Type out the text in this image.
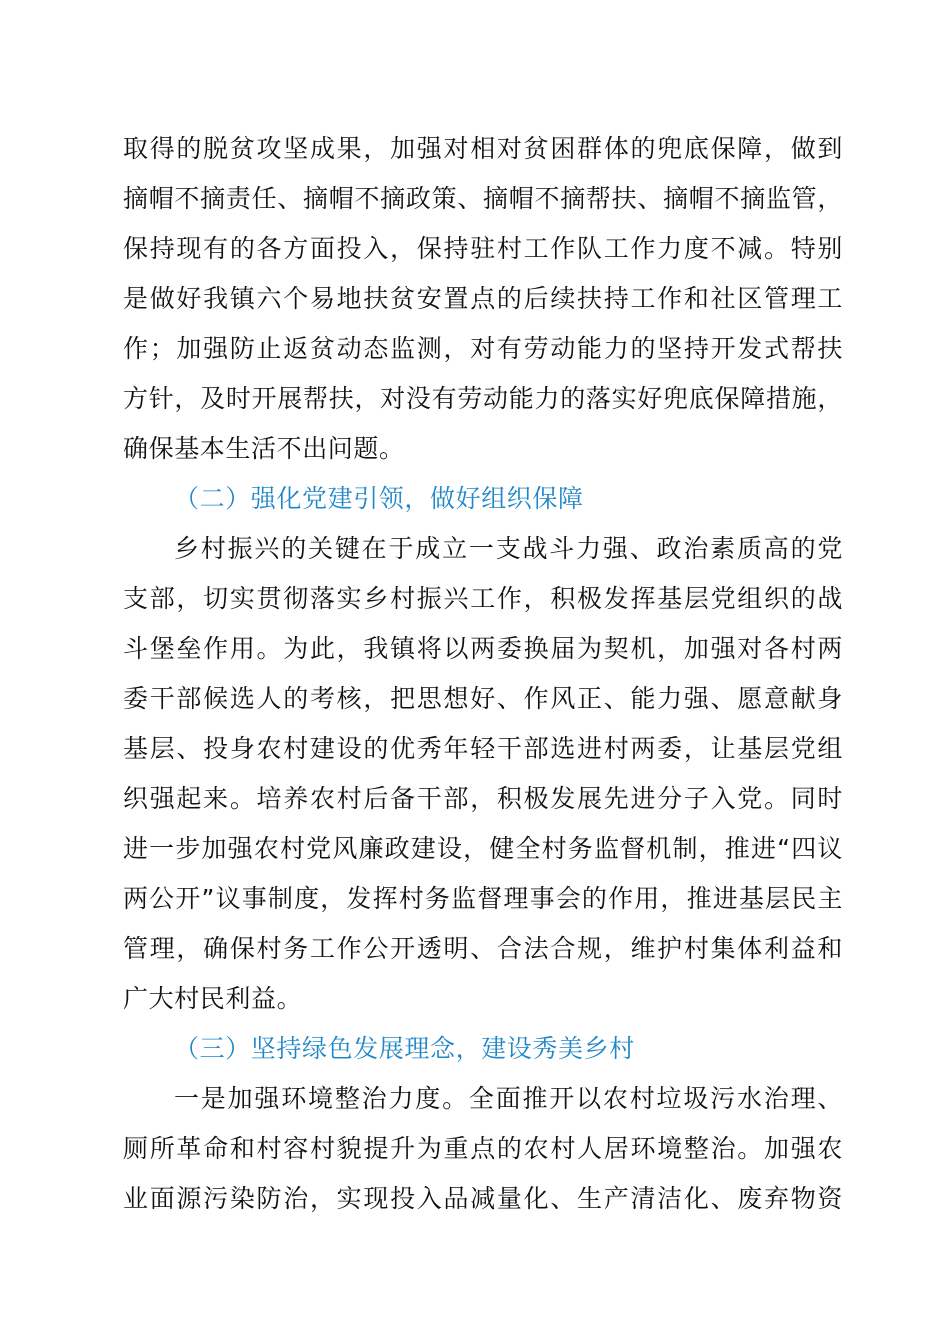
取得的脱贫攻坚成果，加强对相对贫困群体的兜底保障，做到
摘帽不摘责任、摘帽不摘政策、摘帽不摘帮扶、摘帽不摘监管，
保持现有的各方面投入，保持驻村工作队工作力度不减。特别
是做好我镇六个易地扶贫安置点的后续扶持工作和社区管理工
作；加强防止返贫动态监测，对有劳动能力的坚持开发式帮扶
方针，及时开展帮扶，对没有劳动能力的落实好兜底保障措施，
确保基本生活不出问题。
（二）强化党建引领，做好组织保障
乡村振兴的关键在于成立一支战斗力强、政治素质高的党
支部，切实贯彻落实乡村振兴工作，积极发挥基层党组织的战
斗堡垒作用。为此，我镇将以两委换届为契机，加强对各村两
委干部候选人的考核，把思想好、作风正、能力强、愿意献身
基层、投身农村建设的优秀年轻干部选进村两委，让基层党组
织强起来。培养农村后备干部，积极发展先进分子入党。同时
进一步加强农村党风廉政建设，健全村务监督机制，推进“四议
两公开”议事制度，发挥村务监督理事会的作用，推进基层民主
管理，确保村务工作公开透明、合法合规，维护村集体利益和
广大村民利益。
（三）坚持绿色发展理念，建设秀美乡村
一是加强环境整治力度。全面推开以农村垃圾污水治理、
厕所革命和村容村貌提升为重点的农村人居环境整治。加强农
业面源污染防治，实现投入品减量化、生产清洁化、废弃物资
